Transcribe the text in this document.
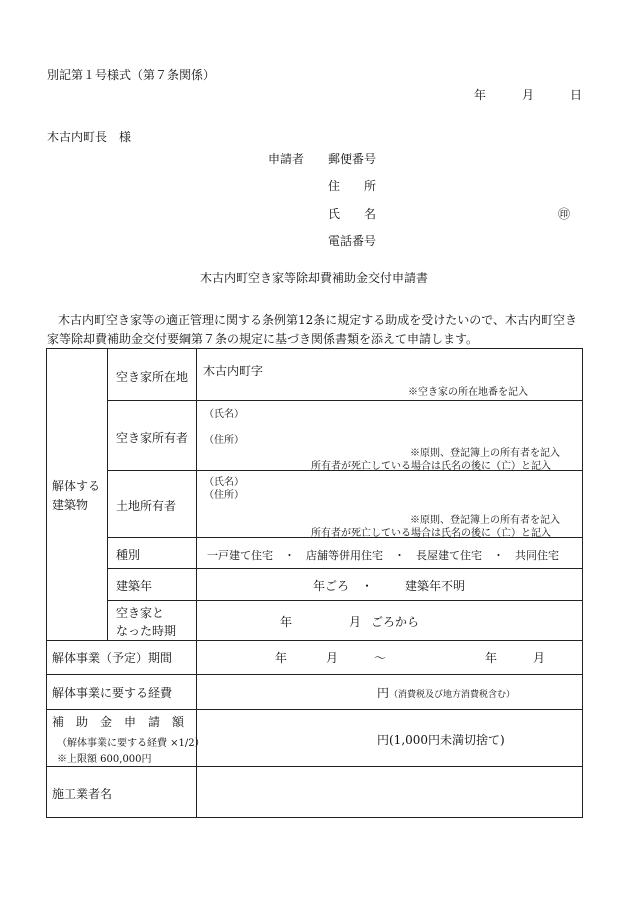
別記第１号様式（第７条関係）
年	月	日
木古内町長　様
申請者 郵便番号
住　　所
氏　　名	㊞
電話番号
木古内町空き家等除却費補助金交付申請書
木古内町空き家等の適正管理に関する条例第12条に規定する助成を受けたいので、木古内町空き
家等除却費補助金交付要綱第７条の規定に基づき関係書類を添えて申請します。
解体する
建築物
空き家所在地 木古内町字
※空き家の所在地番を記入
空き家所有者
（氏名）
（住所）
※原則、登記簿上の所有者を記入
所有者が死亡している場合は氏名の後に（亡）と記入
土地所有者
（氏名）
（住所）
※原則、登記簿上の所有者を記入
所有者が死亡している場合は氏名の後に（亡）と記入
種別	一戸建て住宅　・　店舗等併用住宅　・　長屋建て住宅　・　共同住宅
建築年	年ごろ ・	建築年不明
空き家と
なった時期
年	月 ごろから
解体事業（予定）期間	年	月	～	年	月
解体事業に要する経費	円 （消費税及び地方消費税含む）
補　助　金　申　請　額
（解体事業に要する経費 ×1/2）
※上限額 600,000円
円(1,000円未満切捨て)
施工業者名
